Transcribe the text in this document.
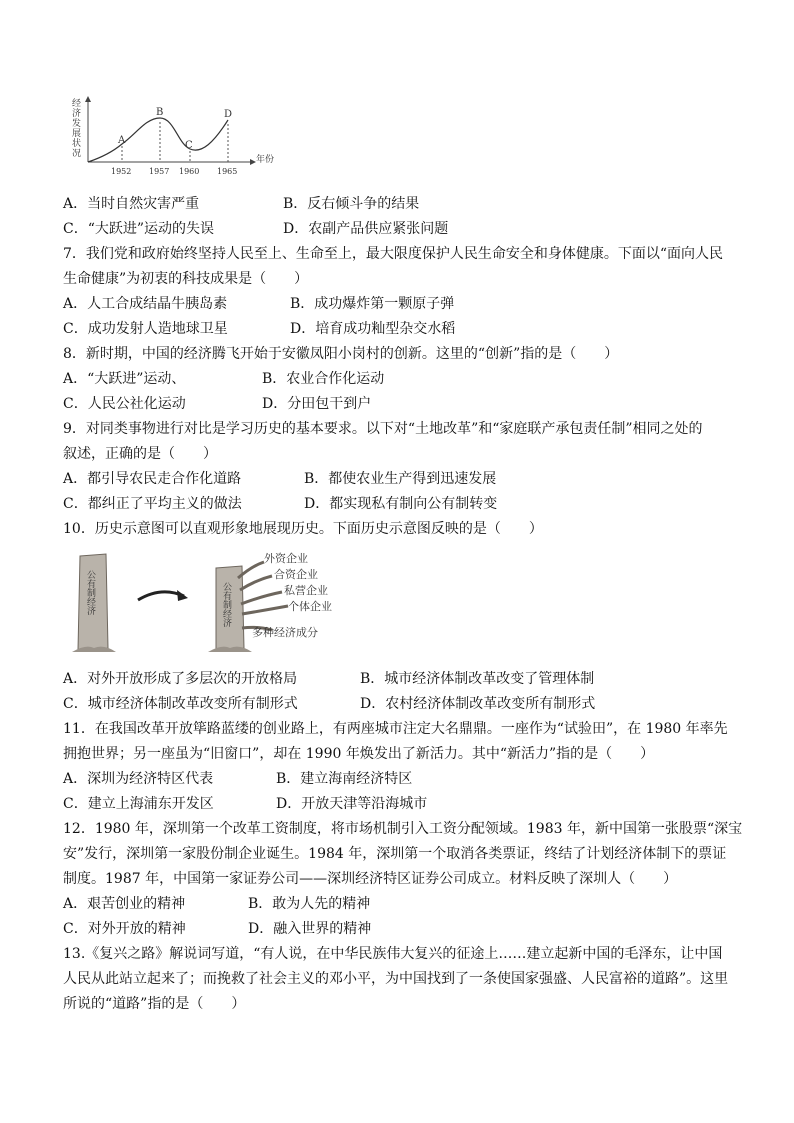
经济发展状况
年份
A
B
C
D
1952 1957 1960 1965
A．当时自然灾害严重	B．反右倾斗争的结果
C．“大跃进”运动的失误	D．农副产品供应紧张问题
7．我们党和政府始终坚持人民至上、生命至上，最大限度保护人民生命安全和身体健康。下面以“面向人民
生命健康”为初衷的科技成果是（　　）
A．人工合成结晶牛胰岛素	B．成功爆炸第一颗原子弹
C．成功发射人造地球卫星	D．培育成功籼型杂交水稻
8．新时期，中国的经济腾飞开始于安徽凤阳小岗村的创新。这里的“创新”指的是（　　）
A．“大跃进”运动、	B．农业合作化运动
C．人民公社化运动	D．分田包干到户
9．对同类事物进行对比是学习历史的基本要求。以下对“土地改革”和“家庭联产承包责任制”相同之处的
叙述，正确的是（　　）
A．都引导农民走合作化道路	B．都使农业生产得到迅速发展
C．都纠正了平均主义的做法	D．都实现私有制向公有制转变
10．历史示意图可以直观形象地展现历史。下面历史示意图反映的是（　　）
公有制经济	公有制经济
外资企业
合资企业
私营企业
个体企业
多种经济成分
A．对外开放形成了多层次的开放格局	B．城市经济体制改革改变了管理体制
C．城市经济体制改革改变所有制形式	D．农村经济体制改革改变所有制形式
11．在我国改革开放筚路蓝缕的创业路上，有两座城市注定大名鼎鼎。一座作为“试验田”，在 1980 年率先
拥抱世界；另一座虽为“旧窗口”，却在 1990 年焕发出了新活力。其中“新活力”指的是（　　）
A．深圳为经济特区代表	B．建立海南经济特区
C．建立上海浦东开发区	D．开放天津等沿海城市
12．1980 年，深圳第一个改革工资制度，将市场机制引入工资分配领域。1983 年，新中国第一张股票“深宝
安”发行，深圳第一家股份制企业诞生。1984 年，深圳第一个取消各类票证，终结了计划经济体制下的票证
制度。1987 年，中国第一家证券公司——深圳经济特区证券公司成立。材料反映了深圳人（　　）
A．艰苦创业的精神	B．敢为人先的精神
C．对外开放的精神	D．融入世界的精神
13.《复兴之路》解说词写道，“有人说，在中华民族伟大复兴的征途上……建立起新中国的毛泽东，让中国
人民从此站立起来了；而挽救了社会主义的邓小平，为中国找到了一条使国家强盛、人民富裕的道路”。这里
所说的“道路”指的是（　　）
